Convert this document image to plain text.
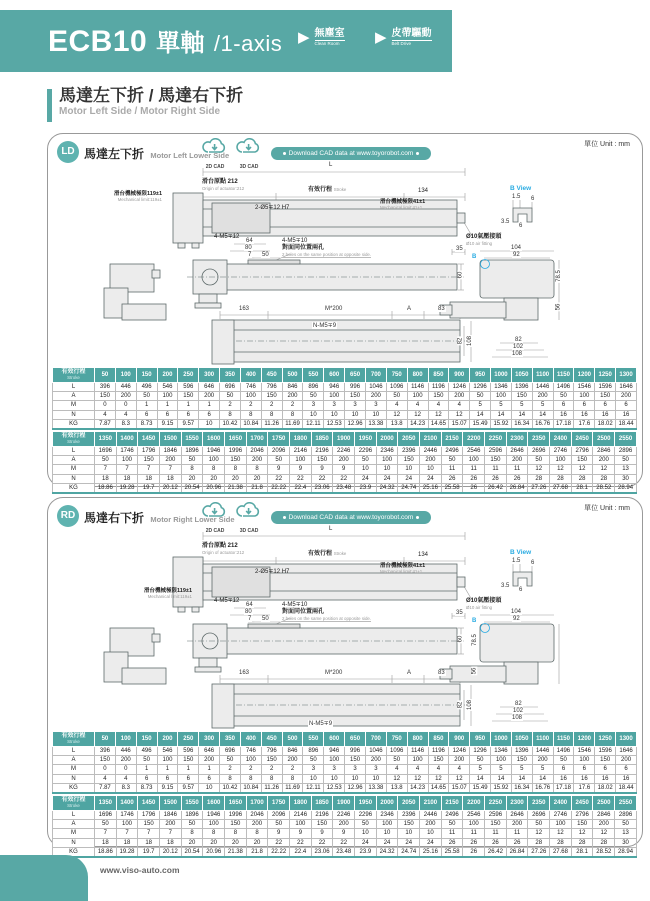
ECB10 單軸 /1-axis ▶ 無塵室
Clean Room	▶ 皮帶驅動
Belt Drive
馬達左下折 / 馬達右下折
Motor Left Side / Motor Right Side
單位 Unit : mm
LD 馬達左下折 Motor Left Lower Side
2D CAD	3D CAD
Download CAD data at www.toyorobot.com
L
滑台原點 212
Origin of actuator:212	有效行程 Stroke	134
滑台機械極限119±1
Mechanical limit:119±1
2-Ø5∓12 H7
滑台機械極限41±1
Mechanical limit:41±1
Ø10氣壓接頭
Ø10 air fitting
35
B View
1.5 6
3.5
6
4-M5∓12
64
80
7 50
4-M5∓10
對面同位置兩孔
2 holes on the same position at opposite side.
60
104
92
78.5
56
82
102
108
B
163	M*200	A	83
N-M5∓9
82 108
有效行程
Stroke	50	100	150	200	250	300	350	400	450	500	550	600	650	700	750	800	850	900	950	1000	1050	1100	1150	1200	1250	1300
L	396	446	496	546	596	646	696	746	796	846	896	946	996	1046	1096	1146	1196	1246	1296	1346	1396	1446	1496	1546	1596	1646
A	150	200	50	100	150	200	50	100	150	200	50	100	150	200	50	100	150	200	50	100	150	200	50	100	150	200
M	0	0	1	1	1	1	2	2	2	2	3	3	3	3	4	4	4	4	5	5	5	5	6	6	6	6
N	4	4	6	6	6	6	8	8	8	8	10	10	10	10	12	12	12	12	14	14	14	14	16	16	16	16
KG	7.87	8.3	8.73	9.15	9.57	10	10.42	10.84	11.26	11.69	12.11	12.53	12.96	13.38	13.8	14.23	14.65	15.07	15.49	15.92	16.34	16.76	17.18	17.6	18.02	18.44
有效行程
Stroke	1350	1400	1450	1500	1550	1600	1650	1700	1750	1800	1850	1900	1950	2000	2050	2100	2150	2200	2250	2300	2350	2400	2450	2500	2550
L	1696	1746	1796	1846	1896	1946	1996	2046	2096	2146	2196	2246	2296	2346	2396	2446	2496	2546	2596	2646	2696	2746	2796	2846	2896
A	50	100	150	200	50	100	150	200	50	100	150	200	50	100	150	200	50	100	150	200	50	100	150	200	50
M	7	7	7	7	8	8	8	8	9	9	9	9	10	10	10	10	11	11	11	11	12	12	12	12	13
N	18	18	18	18	20	20	20	20	22	22	22	22	24	24	24	24	26	26	26	26	28	28	28	28	30
KG	18.86	19.28	19.7	20.12	20.54	20.96	21.38	21.8	22.22	22.4	23.06	23.48	23.9	24.32	24.74	25.16	25.58	26	26.42	26.84	27.26	27.68	28.1	28.52	28.94
單位 Unit : mm
RD 馬達右下折 Motor Right Lower Side
2D CAD	3D CAD
Download CAD data at www.toyorobot.com
L
滑台原點 212
Origin of actuator:212	有效行程 Stroke	134
滑台機械極限119±1
Mechanical limit:119±1
2-Ø5∓12 H7
滑台機械極限41±1
Mechanical limit:41±1
Ø10氣壓接頭
Ø10 air fitting
35
B View
1.5 6
3.5
6
4-M5∓12
64
80
7 50
4-M5∓10
對面同位置兩孔
2 holes on the same position at opposite side.
60
104
92
78.5
56
82
102
108
B
163	M*200	A	83
N-M5∓9
82 108
有效行程
Stroke	50	100	150	200	250	300	350	400	450	500	550	600	650	700	750	800	850	900	950	1000	1050	1100	1150	1200	1250	1300
L	396	446	496	546	596	646	696	746	796	846	896	946	996	1046	1096	1146	1196	1246	1296	1346	1396	1446	1496	1546	1596	1646
A	150	200	50	100	150	200	50	100	150	200	50	100	150	200	50	100	150	200	50	100	150	200	50	100	150	200
M	0	0	1	1	1	1	2	2	2	2	3	3	3	3	4	4	4	4	5	5	5	5	6	6	6	6
N	4	4	6	6	6	6	8	8	8	8	10	10	10	10	12	12	12	12	14	14	14	14	16	16	16	16
KG	7.87	8.3	8.73	9.15	9.57	10	10.42	10.84	11.26	11.69	12.11	12.53	12.96	13.38	13.8	14.23	14.65	15.07	15.49	15.92	16.34	16.76	17.18	17.6	18.02	18.44
有效行程
Stroke	1350	1400	1450	1500	1550	1600	1650	1700	1750	1800	1850	1900	1950	2000	2050	2100	2150	2200	2250	2300	2350	2400	2450	2500	2550
L	1696	1746	1796	1846	1896	1946	1996	2046	2096	2146	2196	2246	2296	2346	2396	2446	2496	2546	2596	2646	2696	2746	2796	2846	2896
A	50	100	150	200	50	100	150	200	50	100	150	200	50	100	150	200	50	100	150	200	50	100	150	200	50
M	7	7	7	7	8	8	8	8	9	9	9	9	10	10	10	10	11	11	11	11	12	12	12	12	13
N	18	18	18	18	20	20	20	20	22	22	22	22	24	24	24	24	26	26	26	26	28	28	28	28	30
KG	18.86	19.28	19.7	20.12	20.54	20.96	21.38	21.8	22.22	22.4	23.06	23.48	23.9	24.32	24.74	25.16	25.58	26	26.42	26.84	27.26	27.68	28.1	28.52	28.94
www.viso-auto.com
